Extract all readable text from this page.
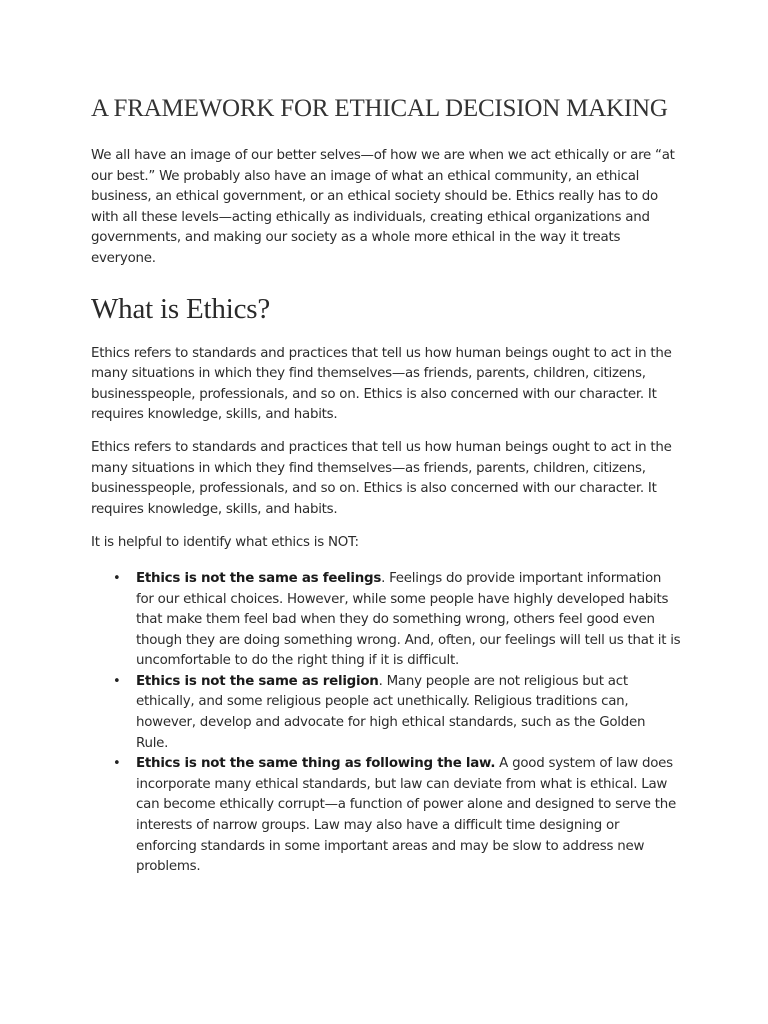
A FRAMEWORK FOR ETHICAL DECISION MAKING

We all have an image of our better selves—of how we are when we act ethically or are “at our best.” We probably also have an image of what an ethical community, an ethical business, an ethical government, or an ethical society should be. Ethics really has to do with all these levels—acting ethically as individuals, creating ethical organizations and governments, and making our society as a whole more ethical in the way it treats everyone.

What is Ethics?

Ethics refers to standards and practices that tell us how human beings ought to act in the many situations in which they find themselves—as friends, parents, children, citizens, businesspeople, professionals, and so on. Ethics is also concerned with our character. It requires knowledge, skills, and habits.

Ethics refers to standards and practices that tell us how human beings ought to act in the many situations in which they find themselves—as friends, parents, children, citizens, businesspeople, professionals, and so on. Ethics is also concerned with our character. It requires knowledge, skills, and habits.

It is helpful to identify what ethics is NOT:

• Ethics is not the same as feelings. Feelings do provide important information for our ethical choices. However, while some people have highly developed habits that make them feel bad when they do something wrong, others feel good even though they are doing something wrong. And, often, our feelings will tell us that it is uncomfortable to do the right thing if it is difficult.
• Ethics is not the same as religion. Many people are not religious but act ethically, and some religious people act unethically. Religious traditions can, however, develop and advocate for high ethical standards, such as the Golden Rule.
• Ethics is not the same thing as following the law. A good system of law does incorporate many ethical standards, but law can deviate from what is ethical. Law can become ethically corrupt—a function of power alone and designed to serve the interests of narrow groups. Law may also have a difficult time designing or enforcing standards in some important areas and may be slow to address new problems.
